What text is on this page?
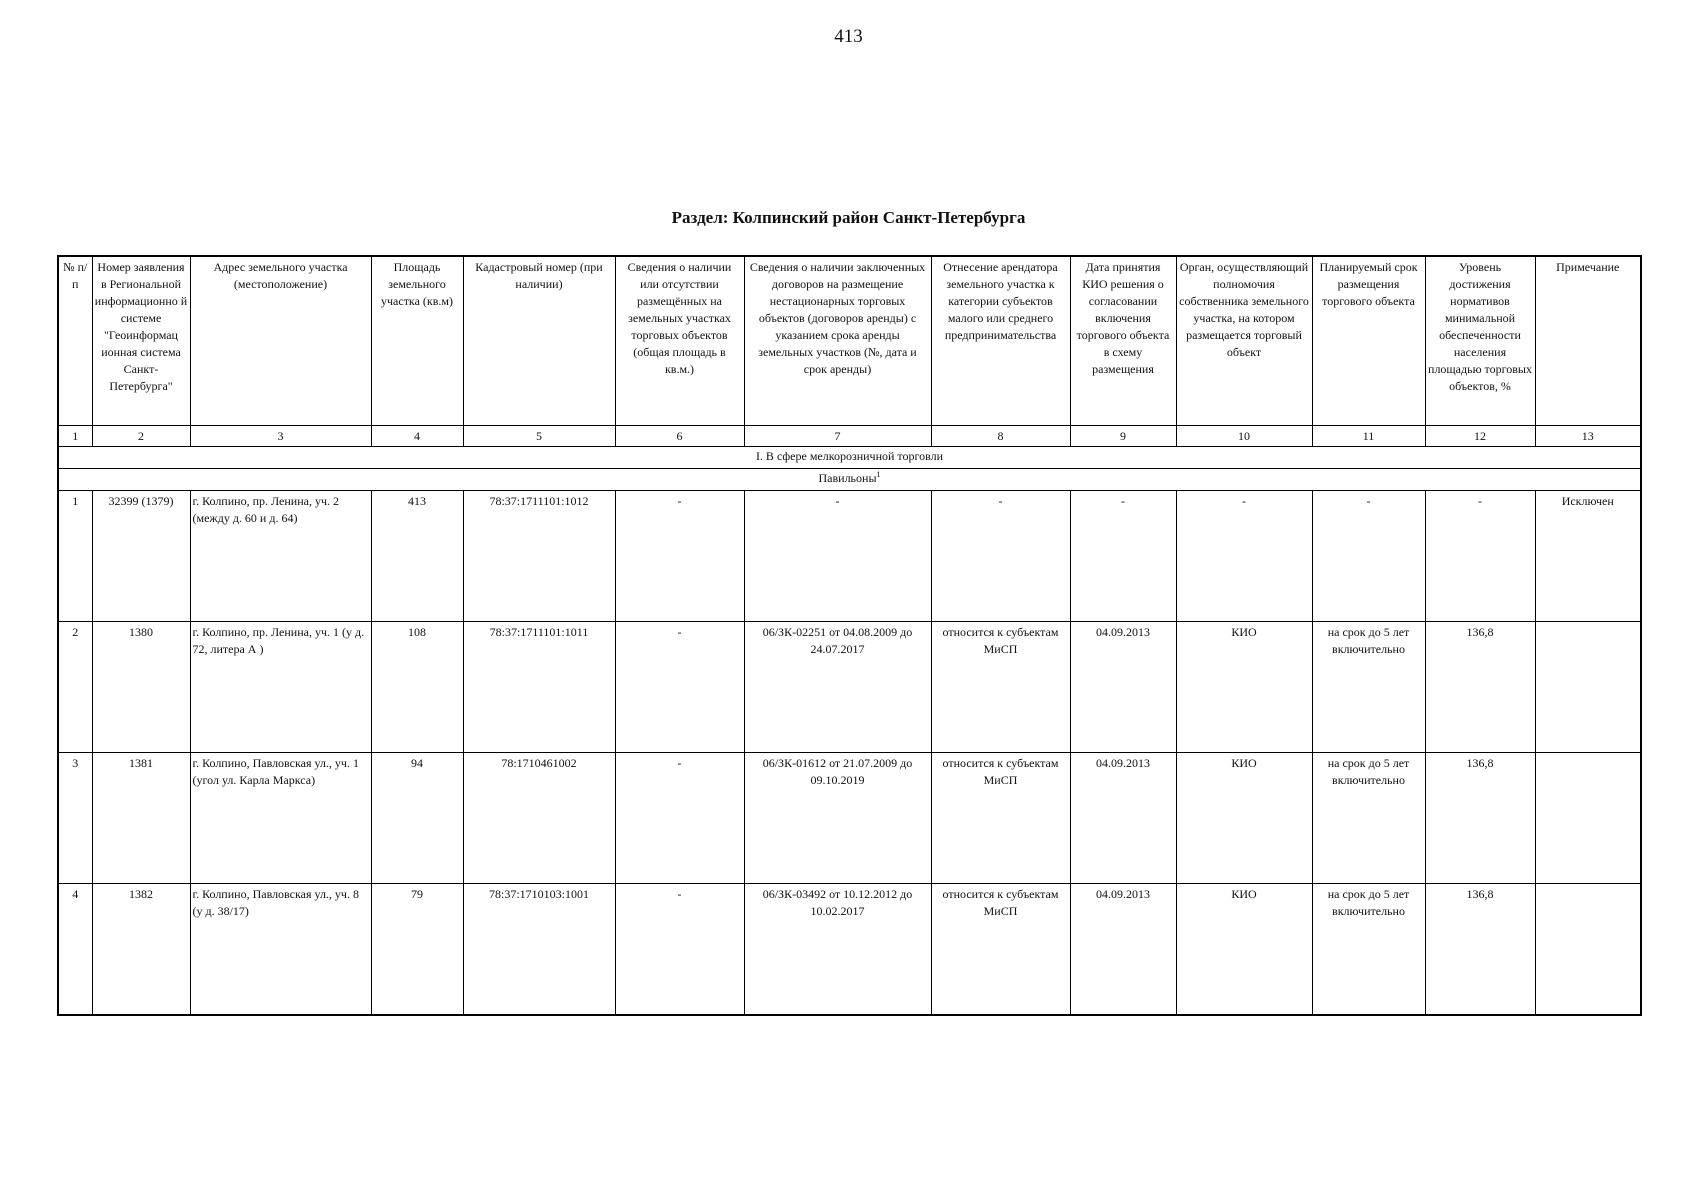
413
Раздел: Колпинский район Санкт-Петербурга
№ п/п	Номер заявления в Региональной информационно й системе "Геоинформац ионная система Санкт-Петербурга"	Адрес земельного участка (местоположение)	Площадь земельного участка (кв.м)	Кадастровый номер (при наличии)	Сведения о наличии или отсутствии размещённых на земельных участках торговых объектов (общая площадь в кв.м.)	Сведения о наличии заключенных договоров на размещение нестационарных торговых объектов (договоров аренды) с указанием срока аренды земельных участков (№, дата и срок аренды)	Отнесение арендатора земельного участка к категории субъектов малого или среднего предпринимательства	Дата принятия КИО решения о согласовании включения торгового объекта в схему размещения	Орган, осуществляющий полномочия собственника земельного участка, на котором размещается торговый объект	Планируемый срок размещения торгового объекта	Уровень достижения нормативов минимальной обеспеченности населения площадью торговых объектов, %	Примечание
1	2	3	4	5	6	7	8	9	10	11	12	13
I. В сфере мелкорозничной торговли												
Павильоны$^1$
1	32399 (1379)	г. Колпино, пр. Ленина, уч. 2 (между д. 60 и д. 64)	413	78:37:1711101:1012	-	-	-	-	-	-	-	Исключен
2	1380	г. Колпино, пр. Ленина, уч. 1 (у д. 72, литера А )	108	78:37:1711101:1011	-	06/ЗК-02251 от 04.08.2009 до 24.07.2017	относится к субъектам МиСП	04.09.2013	КИО	на срок до 5 лет включительно	136,8	
3	1381	г. Колпино, Павловская ул., уч. 1 (угол ул. Карла Маркса)	94	78:1710461002	-	06/ЗК-01612 от 21.07.2009 до 09.10.2019	относится к субъектам МиСП	04.09.2013	КИО	на срок до 5 лет включительно	136,8	
4	1382	г. Колпино, Павловская ул., уч. 8 (у д. 38/17)	79	78:37:1710103:1001	-	06/ЗК-03492 от 10.12.2012 до 10.02.2017	относится к субъектам МиСП	04.09.2013	КИО	на срок до 5 лет включительно	136,8	
